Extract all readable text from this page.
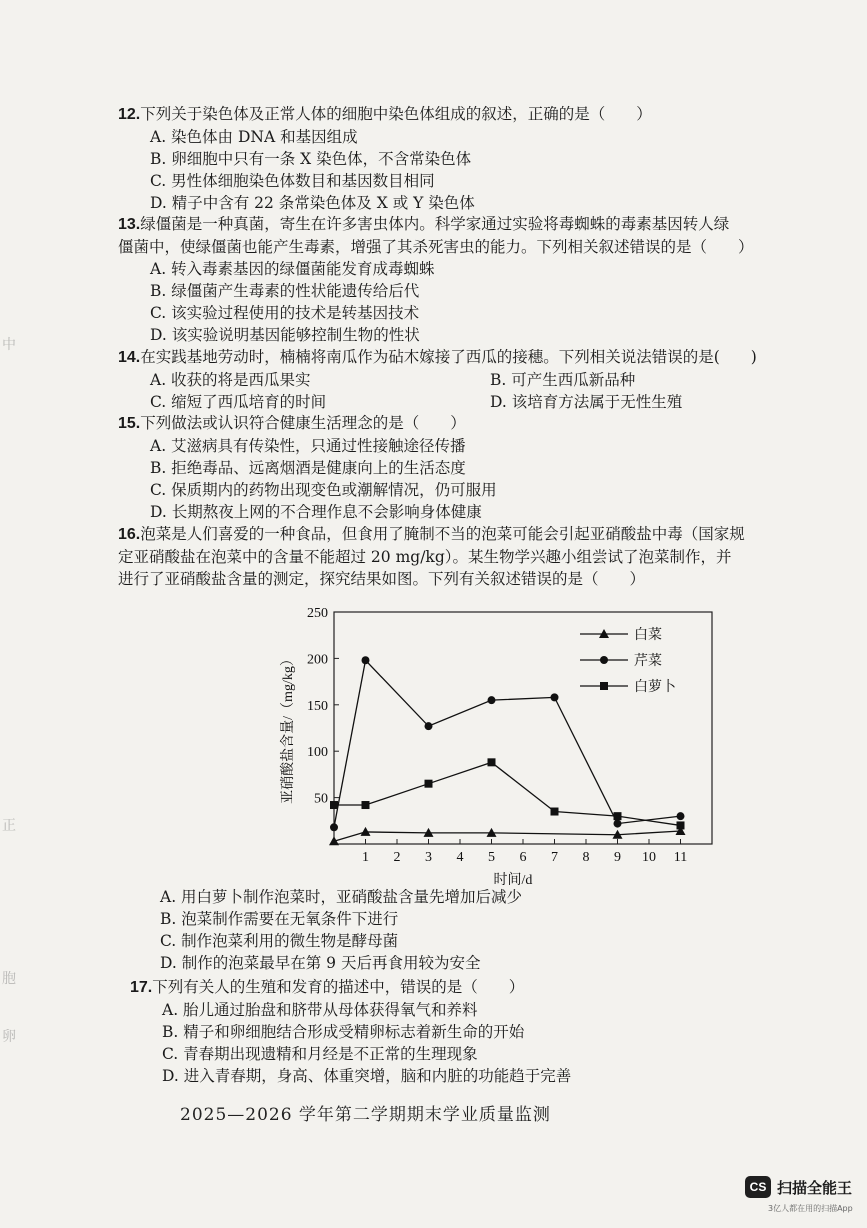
中
正
胞
卵

12.下列关于染色体及正常人体的细胞中染色体组成的叙述，正确的是（　　）

A. 染色体由 DNA 和基因组成

B. 卵细胞中只有一条 X 染色体，不含常染色体

C. 男性体细胞染色体数目和基因数目相同

D. 精子中含有 22 条常染色体及 X 或 Y 染色体

13.绿僵菌是一种真菌，寄生在许多害虫体内。科学家通过实验将毒蜘蛛的毒素基因转人绿

僵菌中，使绿僵菌也能产生毒素，增强了其杀死害虫的能力。下列相关叙述错误的是（　　）

A. 转入毒素基因的绿僵菌能发育成毒蜘蛛

B. 绿僵菌产生毒素的性状能遗传给后代

C. 该实验过程使用的技术是转基因技术

D. 该实验说明基因能够控制生物的性状

14.在实践基地劳动时，楠楠将南瓜作为砧木嫁接了西瓜的接穗。下列相关说法错误的是(　　)

A. 收获的将是西瓜果实	B. 可产生西瓜新品种
C. 缩短了西瓜培育的时间	D. 该培育方法属于无性生殖

15.下列做法或认识符合健康生活理念的是（　　）

A. 艾滋病具有传染性，只通过性接触途径传播

B. 拒绝毒品、远离烟酒是健康向上的生活态度

C. 保质期内的药物出现变色或潮解情况，仍可服用

D. 长期熬夜上网的不合理作息不会影响身体健康

16.泡菜是人们喜爱的一种食品，但食用了腌制不当的泡菜可能会引起亚硝酸盐中毒（国家规

定亚硝酸盐在泡菜中的含量不能超过 20 mg/kg）。某生物学兴趣小组尝试了泡菜制作，并

进行了亚硝酸盐含量的测定，探究结果如图。下列有关叙述错误的是（　　）

50
100
150
200
250
1 2 3 4 5 6 7 8 9 10 11
时间/d
亚硝酸盐含量/（mg/kg）
白菜
芹菜
白萝卜

A. 用白萝卜制作泡菜时，亚硝酸盐含量先增加后减少

B. 泡菜制作需要在无氧条件下进行

C. 制作泡菜利用的微生物是酵母菌

D. 制作的泡菜最早在第 9 天后再食用较为安全

17.下列有关人的生殖和发育的描述中，错误的是（　　）

A. 胎儿通过胎盘和脐带从母体获得氧气和养料

B. 精子和卵细胞结合形成受精卵标志着新生命的开始

C. 青春期出现遗精和月经是不正常的生理现象

D. 进入青春期，身高、体重突增，脑和内脏的功能趋于完善

2025—2026 学年第二学期期末学业质量监测
CS 扫描全能王
3亿人都在用的扫描App
